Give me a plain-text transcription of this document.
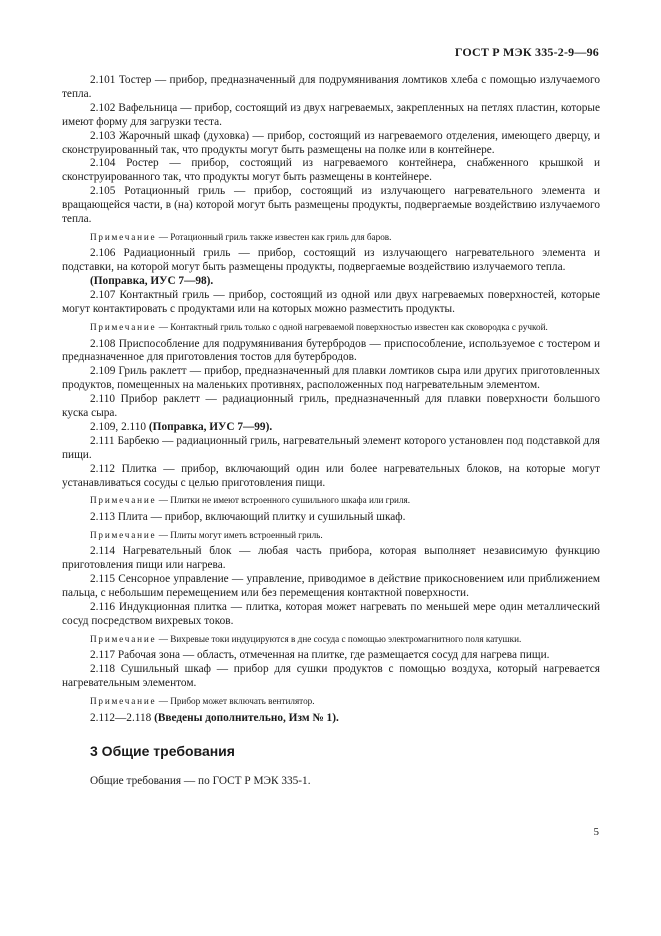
ГОСТ Р МЭК 335-2-9—96

2.101 Тостер — прибор, предназначенный для подрумянивания ломтиков хлеба с помощью излучаемого тепла.

2.102 Вафельница — прибор, состоящий из двух нагреваемых, закрепленных на петлях пластин, которые имеют форму для загрузки теста.

2.103 Жарочный шкаф (духовка) — прибор, состоящий из нагреваемого отделения, имеющего дверцу, и сконструированный так, что продукты могут быть размещены на полке или в контейнере.

2.104 Ростер — прибор, состоящий из нагреваемого контейнера, снабженного крышкой и сконструированного так, что продукты могут быть размещены в контейнере.

2.105 Ротационный гриль — прибор, состоящий из излучающего нагревательного элемента и вращающейся части, в (на) которой могут быть размещены продукты, подвергаемые воздействию излучаемого тепла.

Примечание — Ротационный гриль также известен как гриль для баров.

2.106 Радиационный гриль — прибор, состоящий из излучающего нагревательного элемента и подставки, на которой могут быть размещены продукты, подвергаемые воздействию излучаемого тепла.

(Поправка, ИУС 7—98).

2.107 Контактный гриль — прибор, состоящий из одной или двух нагреваемых поверхностей, которые могут контактировать с продуктами или на которых можно разместить продукты.

Примечание — Контактный гриль только с одной нагреваемой поверхностью известен как сковородка с ручкой.

2.108 Приспособление для подрумянивания бутербродов — приспособление, используемое с тостером и предназначенное для приготовления тостов для бутербродов.

2.109 Гриль раклетт — прибор, предназначенный для плавки ломтиков сыра или других приготовленных продуктов, помещенных на маленьких противнях, расположенных под нагревательным элементом.

2.110 Прибор раклетт — радиационный гриль, предназначенный для плавки поверхности большого куска сыра.

2.109, 2.110 (Поправка, ИУС 7—99).

2.111 Барбекю — радиационный гриль, нагревательный элемент которого установлен под подставкой для пищи.

2.112 Плитка — прибор, включающий один или более нагревательных блоков, на которые могут устанавливаться сосуды с целью приготовления пищи.

Примечание — Плитки не имеют встроенного сушильного шкафа или гриля.

2.113 Плита — прибор, включающий плитку и сушильный шкаф.

Примечание — Плиты могут иметь встроенный гриль.

2.114 Нагревательный блок — любая часть прибора, которая выполняет независимую функцию приготовления пищи или нагрева.

2.115 Сенсорное управление — управление, приводимое в действие прикосновением или приближением пальца, с небольшим перемещением или без перемещения контактной поверхности.

2.116 Индукционная плитка — плитка, которая может нагревать по меньшей мере один металлический сосуд посредством вихревых токов.

Примечание — Вихревые токи индуцируются в дне сосуда с помощью электромагнитного поля катушки.

2.117 Рабочая зона — область, отмеченная на плитке, где размещается сосуд для нагрева пищи.

2.118 Сушильный шкаф — прибор для сушки продуктов с помощью воздуха, который нагревается нагревательным элементом.

Примечание — Прибор может включать вентилятор.

2.112—2.118 (Введены дополнительно, Изм № 1).

3 Общие требования

Общие требования — по ГОСТ Р МЭК 335-1.

5
